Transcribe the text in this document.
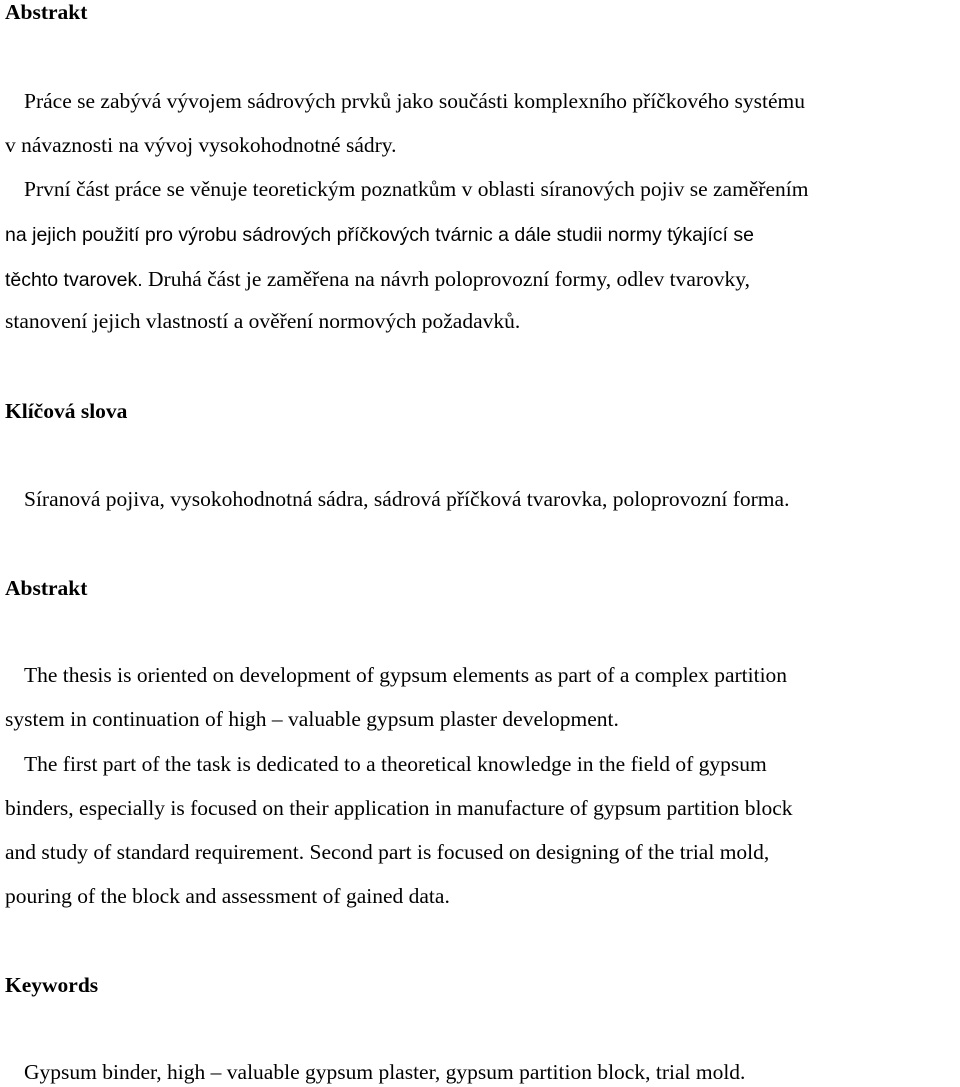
Abstrakt
Práce se zabývá vývojem sádrových prvků jako součásti komplexního příčkového systému
v návaznosti na vývoj vysokohodnotné sádry.
První část práce se věnuje teoretickým poznatkům v oblasti síranových pojiv se zaměřením
na jejich použití pro výrobu sádrových příčkových tvárnic a dále studii normy týkající se
těchto tvarovek. Druhá část je zaměřena na návrh poloprovozní formy, odlev tvarovky,
stanovení jejich vlastností a ověření normových požadavků.
Klíčová slova
Síranová pojiva, vysokohodnotná sádra, sádrová příčková tvarovka, poloprovozní forma.
Abstrakt
The thesis is oriented on development of gypsum elements as part of a complex partition
system in continuation of high – valuable gypsum plaster development.
The first part of the task is dedicated to a theoretical knowledge in the field of gypsum
binders, especially is focused on their application in manufacture of gypsum partition block
and study of standard requirement. Second part is focused on designing of the trial mold,
pouring of the block and assessment of gained data.
Keywords
Gypsum binder, high – valuable gypsum plaster, gypsum partition block, trial mold.
